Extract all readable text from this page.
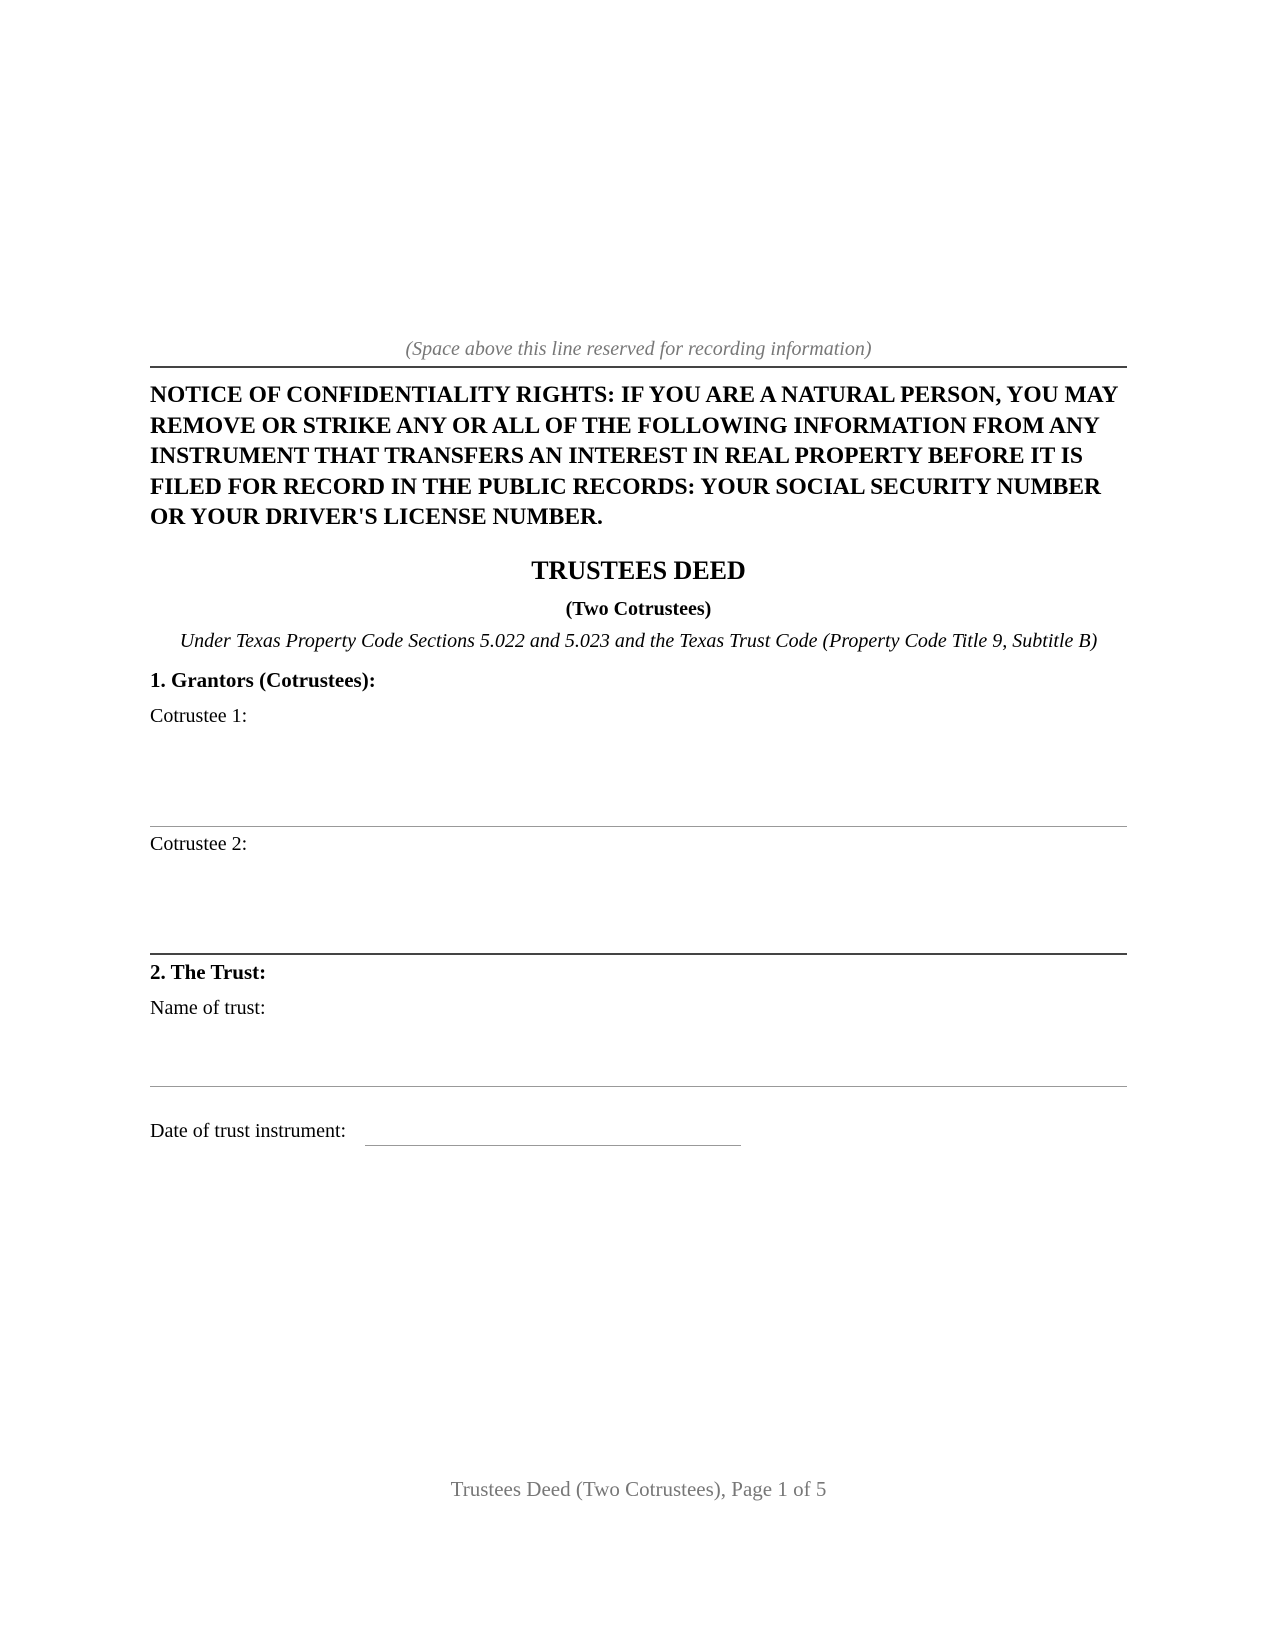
(Space above this line reserved for recording information)
NOTICE OF CONFIDENTIALITY RIGHTS: IF YOU ARE A NATURAL PERSON, YOU MAY REMOVE OR STRIKE ANY OR ALL OF THE FOLLOWING INFORMATION FROM ANY INSTRUMENT THAT TRANSFERS AN INTEREST IN REAL PROPERTY BEFORE IT IS FILED FOR RECORD IN THE PUBLIC RECORDS: YOUR SOCIAL SECURITY NUMBER OR YOUR DRIVER'S LICENSE NUMBER.
TRUSTEES DEED
(Two Cotrustees)
Under Texas Property Code Sections 5.022 and 5.023 and the Texas Trust Code (Property Code Title 9, Subtitle B)
1. Grantors (Cotrustees):
Cotrustee 1:
Cotrustee 2:
2. The Trust:
Name of trust:
Date of trust instrument:
Trustees Deed (Two Cotrustees), Page 1 of 5
